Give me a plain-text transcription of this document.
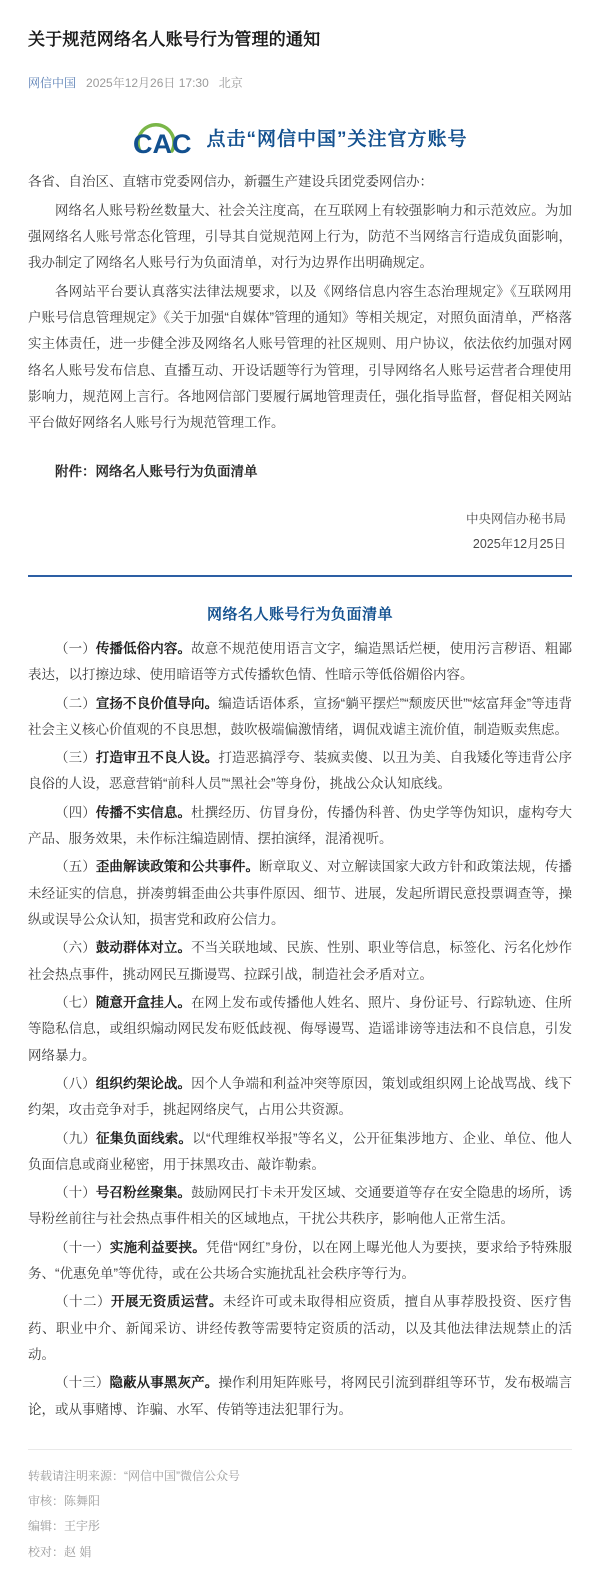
关于规范网络名人账号行为管理的通知
网信中国 2025年12月26日 17:30 北京
CAC 点击“网信中国”关注官方账号

各省、自治区、直辖市党委网信办，新疆生产建设兵团党委网信办：

网络名人账号粉丝数量大、社会关注度高，在互联网上有较强影响力和示范效应。为加强网络名人账号常态化管理，引导其自觉规范网上行为，防范不当网络言行造成负面影响，我办制定了网络名人账号行为负面清单，对行为边界作出明确规定。

各网站平台要认真落实法律法规要求，以及《网络信息内容生态治理规定》《互联网用户账号信息管理规定》《关于加强“自媒体”管理的通知》等相关规定，对照负面清单，严格落实主体责任，进一步健全涉及网络名人账号管理的社区规则、用户协议，依法依约加强对网络名人账号发布信息、直播互动、开设话题等行为管理，引导网络名人账号运营者合理使用影响力，规范网上言行。各地网信部门要履行属地管理责任，强化指导监督，督促相关网站平台做好网络名人账号行为规范管理工作。

附件：网络名人账号行为负面清单

中央网信办秘书局
2025年12月25日
网络名人账号行为负面清单

（一）传播低俗内容。故意不规范使用语言文字，编造黑话烂梗，使用污言秽语、粗鄙表达，以打擦边球、使用暗语等方式传播软色情、性暗示等低俗媚俗内容。

（二）宣扬不良价值导向。编造话语体系，宣扬“躺平摆烂”“颓废厌世”“炫富拜金”等违背社会主义核心价值观的不良思想，鼓吹极端偏激情绪，调侃戏谑主流价值，制造贩卖焦虑。

（三）打造审丑不良人设。打造恶搞浮夸、装疯卖傻、以丑为美、自我矮化等违背公序良俗的人设，恶意营销“前科人员”“黑社会”等身份，挑战公众认知底线。

（四）传播不实信息。杜撰经历、仿冒身份，传播伪科普、伪史学等伪知识，虚构夸大产品、服务效果，未作标注编造剧情、摆拍演绎，混淆视听。

（五）歪曲解读政策和公共事件。断章取义、对立解读国家大政方针和政策法规，传播未经证实的信息，拼凑剪辑歪曲公共事件原因、细节、进展，发起所谓民意投票调查等，操纵或误导公众认知，损害党和政府公信力。

（六）鼓动群体对立。不当关联地域、民族、性别、职业等信息，标签化、污名化炒作社会热点事件，挑动网民互撕谩骂、拉踩引战，制造社会矛盾对立。

（七）随意开盒挂人。在网上发布或传播他人姓名、照片、身份证号、行踪轨迹、住所等隐私信息，或组织煽动网民发布贬低歧视、侮辱谩骂、造谣诽谤等违法和不良信息，引发网络暴力。

（八）组织约架论战。因个人争端和利益冲突等原因，策划或组织网上论战骂战、线下约架，攻击竞争对手，挑起网络戾气，占用公共资源。

（九）征集负面线索。以“代理维权举报”等名义，公开征集涉地方、企业、单位、他人负面信息或商业秘密，用于抹黑攻击、敲诈勒索。

（十）号召粉丝聚集。鼓励网民打卡未开发区域、交通要道等存在安全隐患的场所，诱导粉丝前往与社会热点事件相关的区域地点，干扰公共秩序，影响他人正常生活。

（十一）实施利益要挟。凭借“网红”身份，以在网上曝光他人为要挟，要求给予特殊服务、“优惠免单”等优待，或在公共场合实施扰乱社会秩序等行为。

（十二）开展无资质运营。未经许可或未取得相应资质，擅自从事荐股投资、医疗售药、职业中介、新闻采访、讲经传教等需要特定资质的活动，以及其他法律法规禁止的活动。

（十三）隐蔽从事黑灰产。操作利用矩阵账号，将网民引流到群组等环节，发布极端言论，或从事赌博、诈骗、水军、传销等违法犯罪行为。

转载请注明来源：“网信中国”微信公众号
审核：陈舞阳
编辑：王宇彤
校对：赵 娟
